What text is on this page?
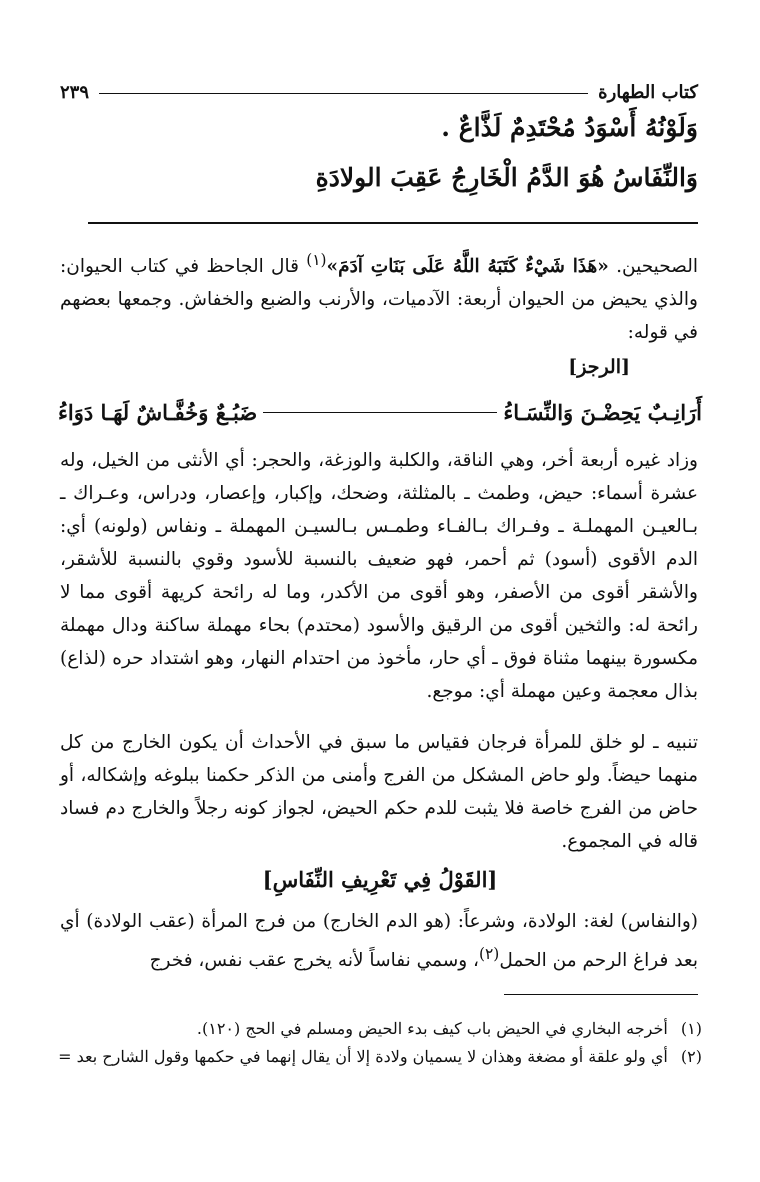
كتاب الطهارة
٢٣٩
وَلَوْنُهُ أَسْوَدُ مُحْتَدِمٌ لَذَّاعٌ .
وَالنِّفَاسُ هُوَ الدَّمُ الْخَارِجُ عَقِبَ الولادَةِ
الصحيحين. «هَذَا شَيْءٌ كَتَبَهُ اللَّهُ عَلَى بَنَاتِ آدَمَ»$^{(١)}$ قال الجاحظ في كتاب الحيوان: والذي يحيض من الحيوان أربعة: الآدميات، والأرنب والضبع والخفاش. وجمعها بعضهم في قوله:
[الرجز]
أَرَانِـبٌ يَحِضْـنَ وَالنِّسَـاءُ
ضَبُـعٌ وَخُفَّـاشٌ لَهَـا دَوَاءُ
وزاد غيره أربعة أخر، وهي الناقة، والكلبة والوزغة، والحجر: أي الأنثى من الخيل، وله عشرة أسماء: حيض، وطمث ـ بالمثلثة، وضحك، وإكبار، وإعصار، ودراس، وعـراك ـ بـالعيـن المهملـة ـ وفـراك بـالفـاء وطمـس بـالسيـن المهملة ـ ونفاس (ولونه) أي: الدم الأقوى (أسود) ثم أحمر، فهو ضعيف بالنسبة للأسود وقوي بالنسبة للأشقر، والأشقر أقوى من الأصفر، وهو أقوى من الأكدر، وما له رائحة كريهة أقوى مما لا رائحة له: والثخين أقوى من الرقيق والأسود (محتدم) بحاء مهملة ساكنة ودال مهملة مكسورة بينهما مثناة فوق ـ أي حار، مأخوذ من احتدام النهار، وهو اشتداد حره (لذاع) بذال معجمة وعين مهملة أي: موجع.
تنبيه ـ لو خلق للمرأة فرجان فقياس ما سبق في الأحداث أن يكون الخارج من كل منهما حيضاً. ولو حاض المشكل من الفرج وأمنى من الذكر حكمنا ببلوغه وإشكاله، أو حاض من الفرج خاصة فلا يثبت للدم حكم الحيض، لجواز كونه رجلاً والخارج دم فساد قاله في المجموع.
[القَوْلُ فِي تَعْرِيفِ النِّفَاسِ]
(والنفاس) لغة: الولادة، وشرعاً: (هو الدم الخارج) من فرج المرأة (عقب الولادة) أي بعد فراغ الرحم من الحمل$^{(٢)}$، وسمي نفاساً لأنه يخرج عقب نفس، فخرج
(١) أخرجه البخاري في الحيض باب كيف بدء الحيض ومسلم في الحج (١٢٠).
(٢) أي ولو علقة أو مضغة وهذان لا يسميان ولادة إلا أن يقال إنهما في حكمها وقول الشارح بعد =
